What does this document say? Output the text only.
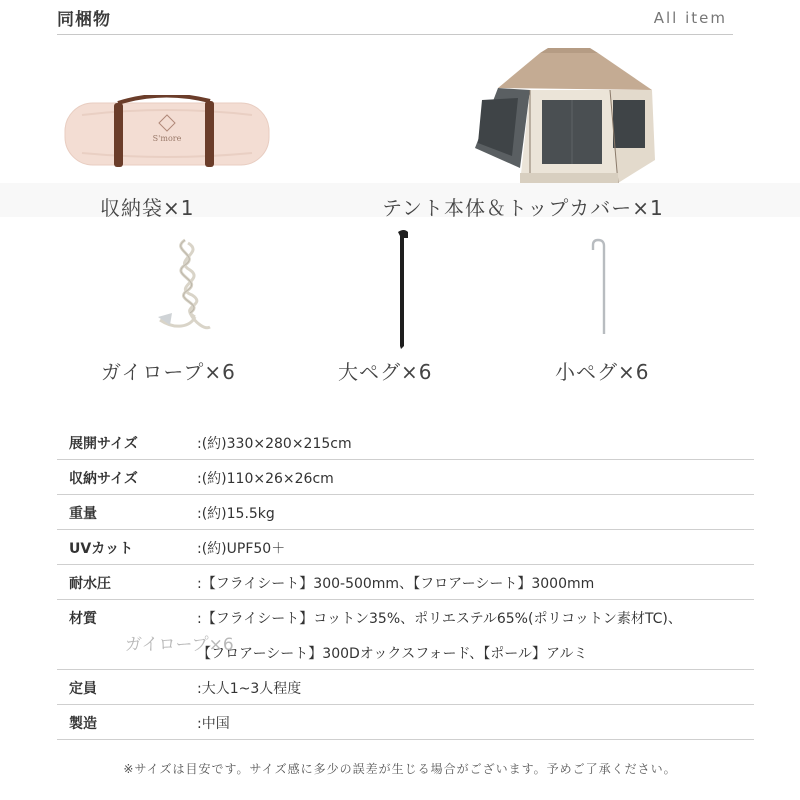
同梱物	All item
S'more
収納袋×1	テント本体＆トップカバー×1
ガイロープ×6	大ペグ×6	小ペグ×6
展開サイズ	:(約)330×280×215cm
収納サイズ	:(約)110×26×26cm
重量	:(約)15.5kg
UVカット	:(約)UPF50＋
耐水圧	:【フライシート】300-500mm、【フロアーシート】3000mm
材質	:【フライシート】コットン35%、ポリエステル65%(ポリコットン素材TC)、
【フロアーシート】300Dオックスフォード、【ポール】アルミ
定員	:大人1~3人程度
製造	:中国
ガイロープ×6
※サイズは目安です。サイズ感に多少の誤差が生じる場合がございます。予めご了承ください。
